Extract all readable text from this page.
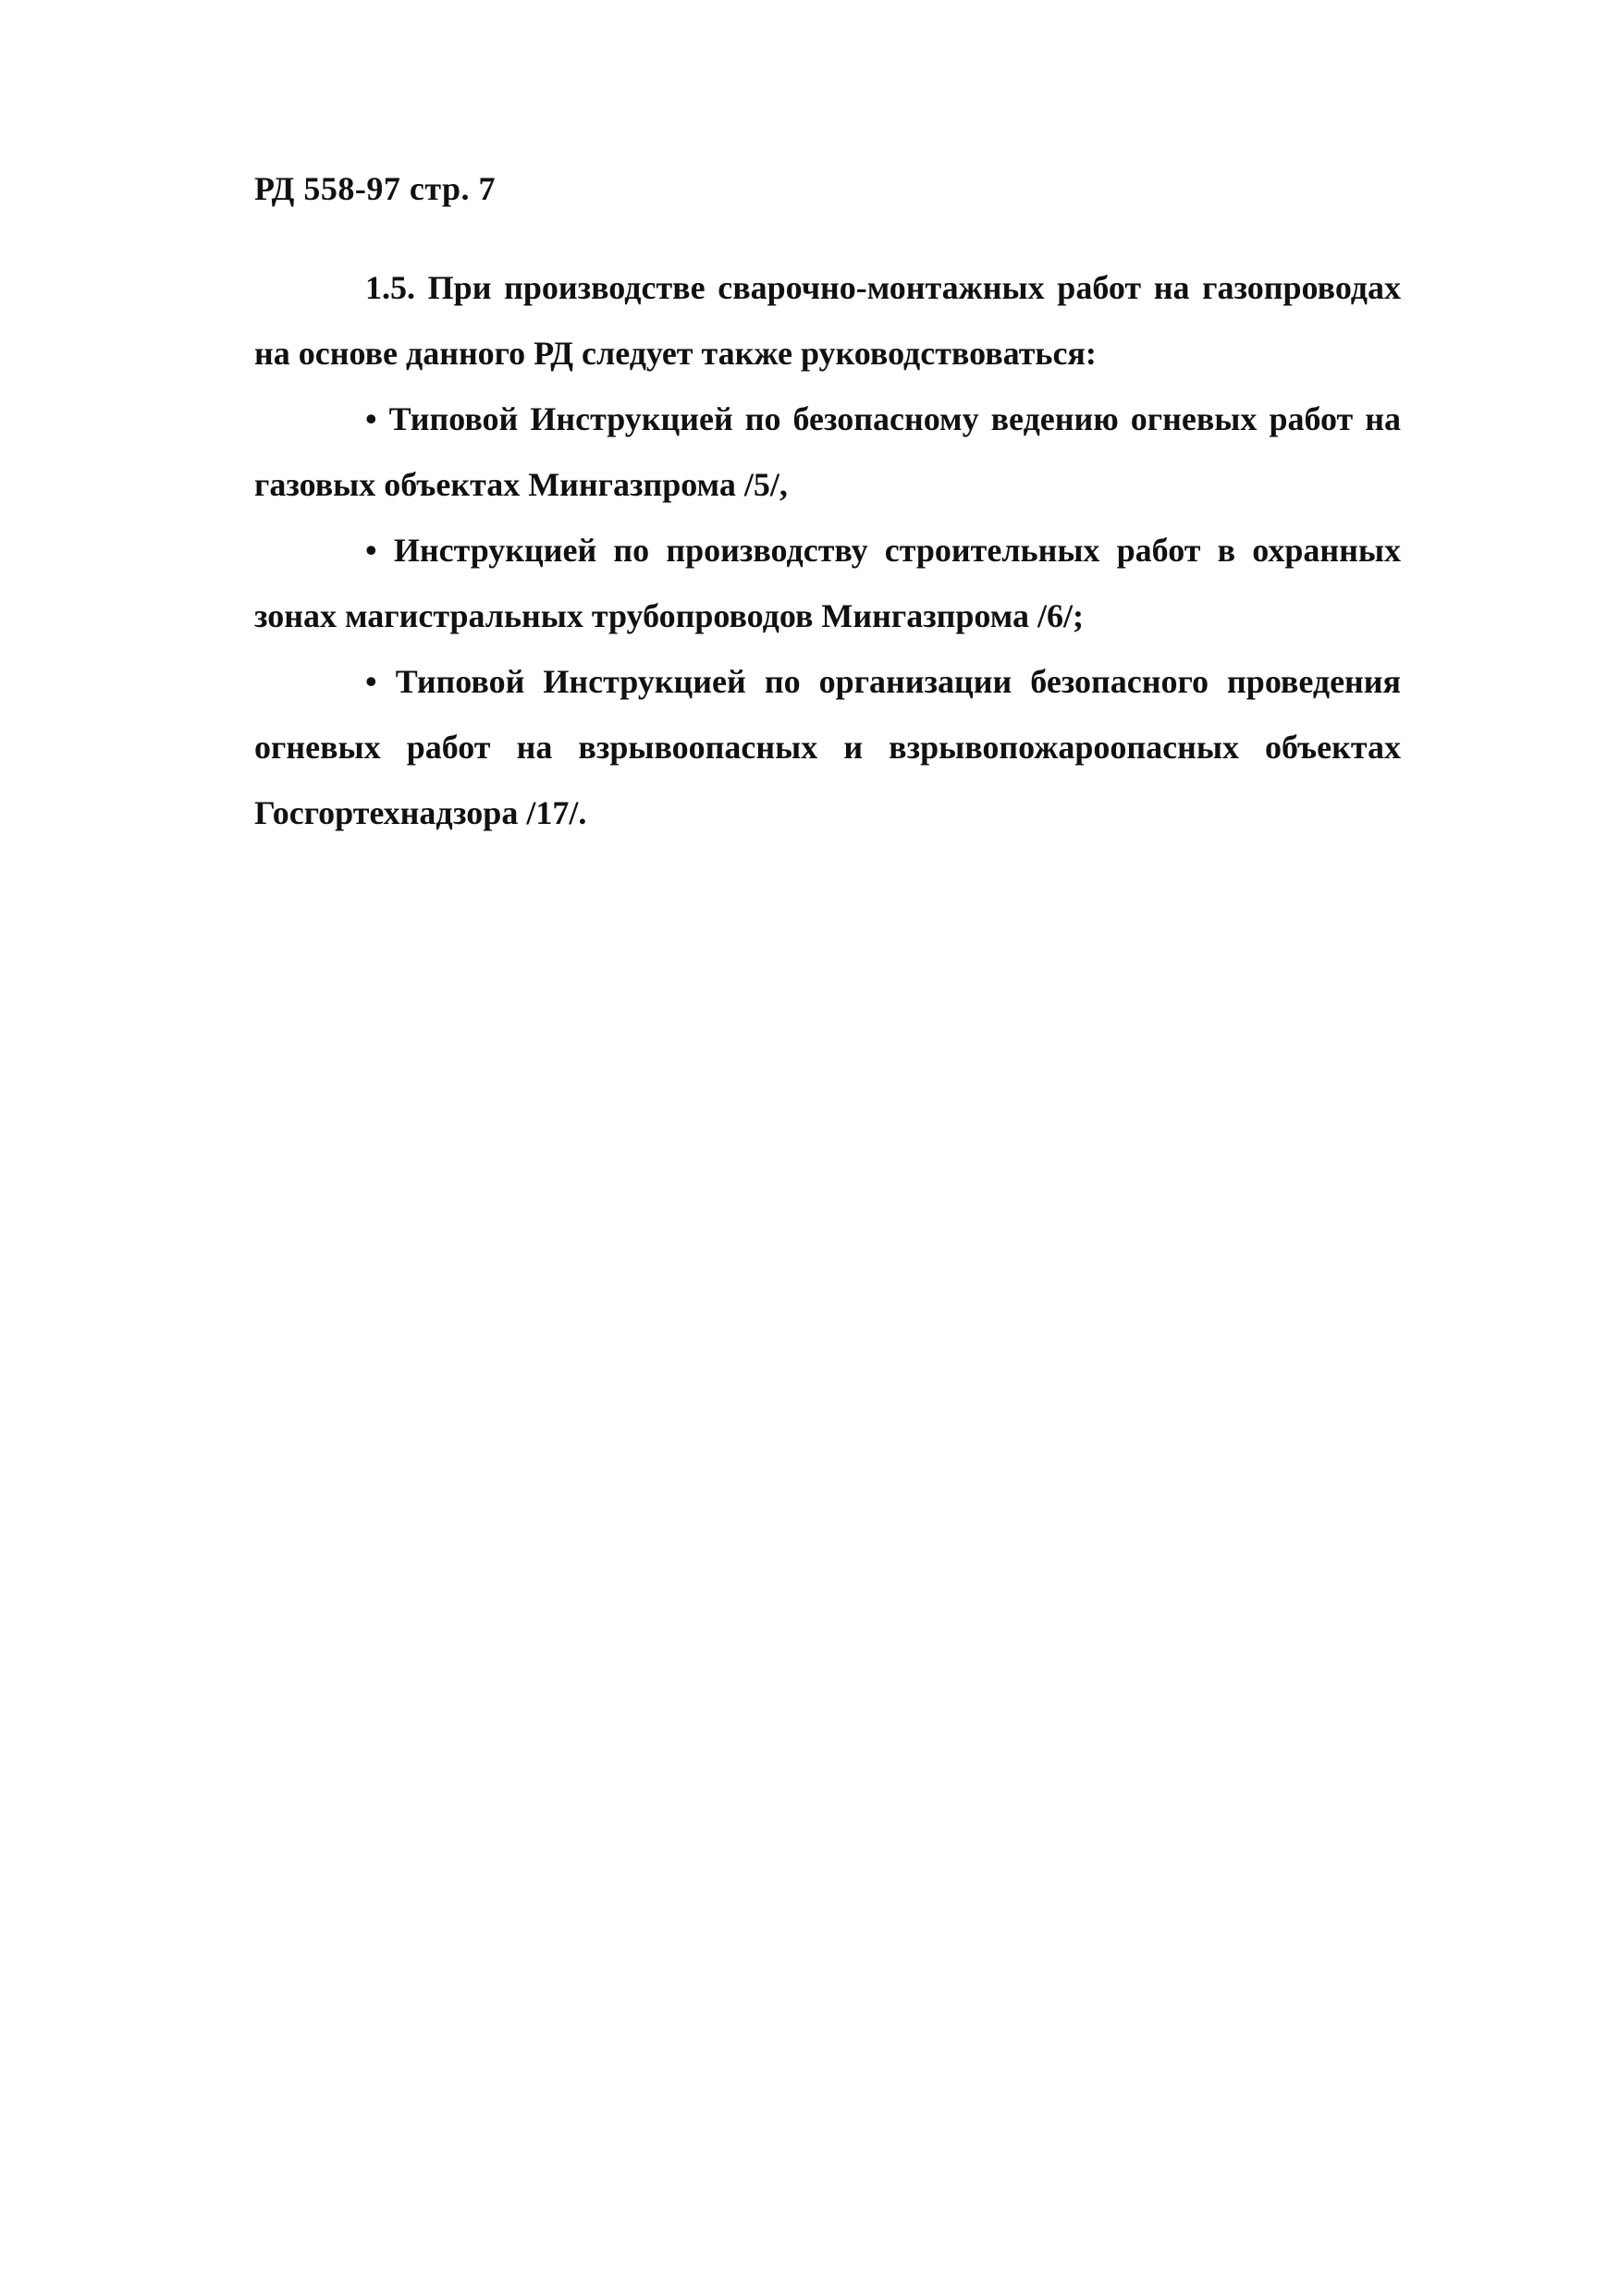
РД 558-97 стр. 7

1.5. При производстве сварочно-монтажных работ на газопроводах на основе данного РД следует также руководствоваться:

• Типовой Инструкцией по безопасному ведению огневых работ на газовых объектах Мингазпрома /5/,

• Инструкцией по производству строительных работ в охранных зонах магистральных трубопроводов Мингазпрома /6/;

• Типовой Инструкцией по организации безопасного проведения огневых работ на взрывоопасных и взрывопожароопасных объектах Госгортехнадзора /17/.
